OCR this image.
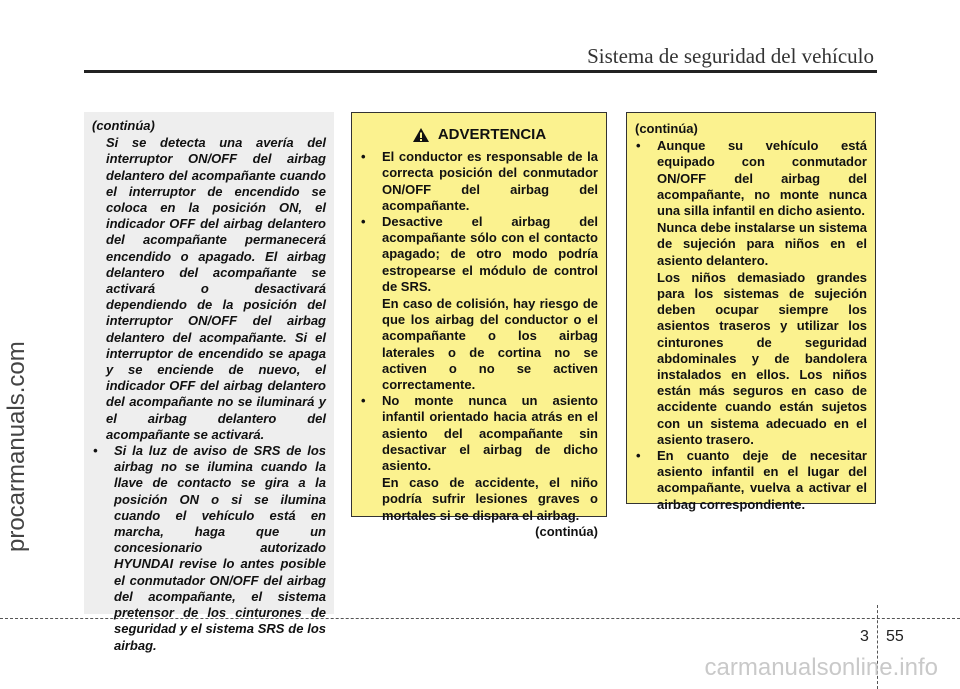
Sistema de seguridad del vehículo
procarmanuals.com

(continúa)

Si se detecta una avería del interruptor ON/OFF del airbag delantero del acompañante cuando el interruptor de encendido se coloca en la posición ON, el indicador OFF del airbag delantero del acompañante permanecerá encendido o apagado. El airbag delantero del acompañante se activará o desactivará dependiendo de la posición del interruptor ON/OFF del airbag delantero del acompañante. Si el interruptor de encendido se apaga y se enciende de nuevo, el indicador OFF del airbag delantero del acompañante no se iluminará y el airbag delantero del acompañante se activará.

• Si la luz de aviso de SRS de los airbag no se ilumina cuando la llave de contacto se gira a la posición ON o si se ilumina cuando el vehículo está en marcha, haga que un concesionario autorizado HYUNDAI revise lo antes posible el conmutador ON/OFF del airbag del acompañante, el sistema pretensor de los cinturones de seguridad y el sistema SRS de los airbag.

ADVERTENCIA

• El conductor es responsable de la correcta posición del conmutador ON/OFF del airbag del acompañante.

• Desactive el airbag del acompañante sólo con el contacto apagado; de otro modo podría estropearse el módulo de control de SRS.

En caso de colisión, hay riesgo de que los airbag del conductor o el acompañante o los airbag laterales o de cortina no se activen o no se activen correctamente.

• No monte nunca un asiento infantil orientado hacia atrás en el asiento del acompañante sin desactivar el airbag de dicho asiento.

En caso de accidente, el niño podría sufrir lesiones graves o mortales si se dispara el airbag.

(continúa)

(continúa)

• Aunque su vehículo está equipado con conmutador ON/OFF del airbag del acompañante, no monte nunca una silla infantil en dicho asiento.

Nunca debe instalarse un sistema de sujeción para niños en el asiento delantero.

Los niños demasiado grandes para los sistemas de sujeción deben ocupar siempre los asientos traseros y utilizar los cinturones de seguridad abdominales y de bandolera instalados en ellos. Los niños están más seguros en caso de accidente cuando están sujetos con un sistema adecuado en el asiento trasero.

• En cuanto deje de necesitar asiento infantil en el lugar del acompañante, vuelva a activar el airbag correspondiente.

3 55
carmanualsonline.info
